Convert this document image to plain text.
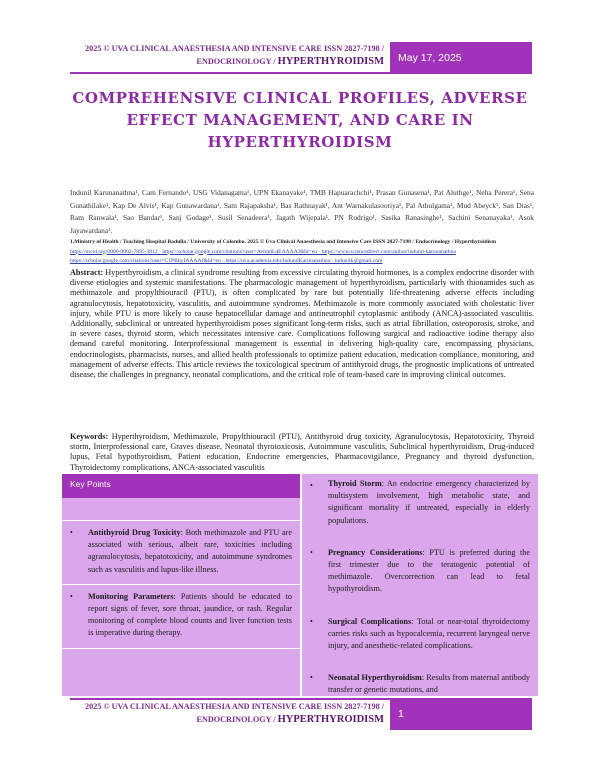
2025 © UVA CLINICAL ANAESTHESIA AND INTENSIVE CARE ISSN 2827-7198 /
ENDOCRINOLOGY / HYPERTHYROIDISM	May 17, 2025
COMPREHENSIVE CLINICAL PROFILES, ADVERSE EFFECT MANAGEMENT, AND CARE IN HYPERTHYROIDISM
Indunil Karunanathna¹, Cam Fernando¹, USG Vidanagama¹, UPN Ekanayake¹, TMB Hapuarachchi¹, Prasan Gunasena¹, Pat Aluthge¹, Neha Perera¹, Sena Gunathilake¹, Kap De Alvis¹, Kap Gunawardana¹, Sam Rajapaksha¹, Bas Rathnayak¹, Ant Warnakulasooriya¹, Pal Athulgama¹, Mud Abeyck¹, San Dias¹, Ram Ranwala¹, Sao Bandar¹, Sanj Godage¹, Susil Senadeera¹, Jagath Wijepala¹, PN Rodrigo¹, Sasika Ranasinghe¹, Sachini Senanayaka¹, Asok Jayawardana¹.
1.Ministry of Health / Teaching Hospital Badulla / University of Colombo. 2025 © Uva Clinical Anaesthesia and Intensive Care ISSN 2827-7198 / Endocrinology / Hyperthyroidism
https://orcid.org/0000-0002-7895-3812 · https://scholar.google.com/citations?user=AvtmdLdEAAAAJ&hl=en · https://www.sciencedirect.com/author/indunil-karunanathna
https://scholar.google.com/citations?user=C1PBhyIAAAAJ&hl=en · https://uva.academia.edu/IndunilKarunanathna · indunilk@gmail.com
Abstract: Hyperthyroidism, a clinical syndrome resulting from excessive circulating thyroid hormones, is a complex endocrine disorder with diverse etiologies and systemic manifestations. The pharmacologic management of hyperthyroidism, particularly with thionamides such as methimazole and propylthiouracil (PTU), is often complicated by rare but potentially life-threatening adverse effects including agranulocytosis, hepatotoxicity, vasculitis, and autoimmune syndromes. Methimazole is more commonly associated with cholestatic liver injury, while PTU is more likely to cause hepatocellular damage and antineutrophil cytoplasmic antibody (ANCA)-associated vasculitis. Additionally, subclinical or untreated hyperthyroidism poses significant long-term risks, such as atrial fibrillation, osteoporosis, stroke, and in severe cases, thyroid storm, which necessitates intensive care. Complications following surgical and radioactive iodine therapy also demand careful monitoring. Interprofessional management is essential in delivering high-quality care, encompassing physicians, endocrinologists, pharmacists, nurses, and allied health professionals to optimize patient education, medication compliance, monitoring, and management of adverse effects. This article reviews the toxicological spectrum of antithyroid drugs, the prognostic implications of untreated disease, the challenges in pregnancy, neonatal complications, and the critical role of team-based care in improving clinical outcomes.
Keywords: Hyperthyroidism, Methimazole, Propylthiouracil (PTU), Antithyroid drug toxicity, Agranulocytosis, Hepatotoxicity, Thyroid storm, Interprofessional care, Graves disease, Neonatal thyrotoxicosis, Autoimmune vasculitis, Subclinical hyperthyroidism, Drug-induced lupus, Fetal hypothyroidism, Patient education, Endocrine emergencies, Pharmacovigilance, Pregnancy and thyroid dysfunction, Thyroidectomy complications, ANCA-associated vasculitis
Key Points
• Antithyroid Drug Toxicity: Both methimazole and PTU are associated with serious, albeit rare, toxicities including agranulocytosis, hepatotoxicity, and autoimmune syndromes such as vasculitis and lupus-like illness.
• Monitoring Parameters: Patients should be educated to report signs of fever, sore throat, jaundice, or rash. Regular monitoring of complete blood counts and liver function tests is imperative during therapy.
• Thyroid Storm: An endocrine emergency characterized by multisystem involvement, high metabolic state, and significant mortality if untreated, especially in elderly populations.
• Pregnancy Considerations: PTU is preferred during the first trimester due to the teratogenic potential of methimazole. Overcorrection can lead to fetal hypothyroidism.
• Surgical Complications: Total or near-total thyroidectomy carries risks such as hypocalcemia, recurrent laryngeal nerve injury, and anesthetic-related complications.
• Neonatal Hyperthyroidism: Results from maternal antibody transfer or genetic mutations, and
2025 © UVA CLINICAL ANAESTHESIA AND INTENSIVE CARE ISSN 2827-7198 /
ENDOCRINOLOGY / HYPERTHYROIDISM	1
